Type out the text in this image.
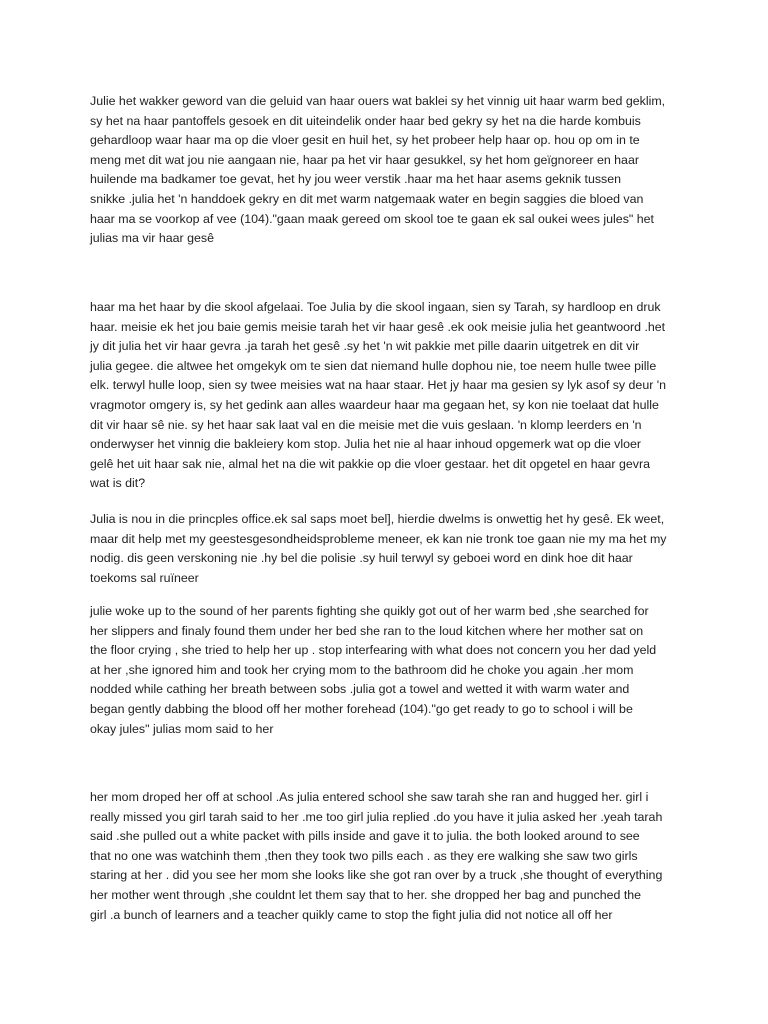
Julie het wakker geword van die geluid van haar ouers wat baklei sy het vinnig uit haar warm bed geklim,
sy het na haar pantoffels gesoek en dit uiteindelik onder haar bed gekry sy het na die harde kombuis
gehardloop waar haar ma op die vloer gesit en huil het, sy het probeer help haar op. hou op om in te
meng met dit wat jou nie aangaan nie, haar pa het vir haar gesukkel, sy het hom geïgnoreer en haar
huilende ma badkamer toe gevat, het hy jou weer verstik .haar ma het haar asems geknik tussen
snikke .julia het 'n handdoek gekry en dit met warm natgemaak water en begin saggies die bloed van
haar ma se voorkop af vee (104)."gaan maak gereed om skool toe te gaan ek sal oukei wees jules" het
julias ma vir haar gesê

haar ma het haar by die skool afgelaai. Toe Julia by die skool ingaan, sien sy Tarah, sy hardloop en druk
haar. meisie ek het jou baie gemis meisie tarah het vir haar gesê .ek ook meisie julia het geantwoord .het
jy dit julia het vir haar gevra .ja tarah het gesê .sy het 'n wit pakkie met pille daarin uitgetrek en dit vir
julia gegee. die altwee het omgekyk om te sien dat niemand hulle dophou nie, toe neem hulle twee pille
elk. terwyl hulle loop, sien sy twee meisies wat na haar staar. Het jy haar ma gesien sy lyk asof sy deur 'n
vragmotor omgery is, sy het gedink aan alles waardeur haar ma gegaan het, sy kon nie toelaat dat hulle
dit vir haar sê nie. sy het haar sak laat val en die meisie met die vuis geslaan. 'n klomp leerders en 'n
onderwyser het vinnig die bakleiery kom stop. Julia het nie al haar inhoud opgemerk wat op die vloer
gelê het uit haar sak nie, almal het na die wit pakkie op die vloer gestaar. het dit opgetel en haar gevra
wat is dit?

Julia is nou in die princples office.ek sal saps moet bel], hierdie dwelms is onwettig het hy gesê. Ek weet,
maar dit help met my geestesgesondheidsprobleme meneer, ek kan nie tronk toe gaan nie my ma het my
nodig. dis geen verskoning nie .hy bel die polisie .sy huil terwyl sy geboei word en dink hoe dit haar
toekoms sal ruïneer

julie woke up to the sound of her parents fighting she quikly got out of her warm bed ,she searched for
her slippers and finaly found them under her bed she ran to the loud kitchen where her mother sat on
the floor crying , she tried to help her up . stop interfearing with what does not concern you her dad yeld
at her ,she ignored him and took her crying mom to the bathroom did he choke you again .her mom
nodded while cathing her breath between sobs .julia got a towel and wetted it with warm water and
began gently dabbing the blood off her mother forehead (104)."go get ready to go to school i will be
okay jules" julias mom said to her

her mom droped her off at school .As julia entered school she saw tarah she ran and hugged her. girl i
really missed you girl tarah said to her .me too girl julia replied .do you have it julia asked her .yeah tarah
said .she pulled out a white packet with pills inside and gave it to julia. the both looked around to see
that no one was watchinh them ,then they took two pills each . as they ere walking she saw two girls
staring at her . did you see her mom she looks like she got ran over by a truck ,she thought of everything
her mother went through ,she couldnt let them say that to her. she dropped her bag and punched the
girl .a bunch of learners and a teacher quikly came to stop the fight julia did not notice all off her
